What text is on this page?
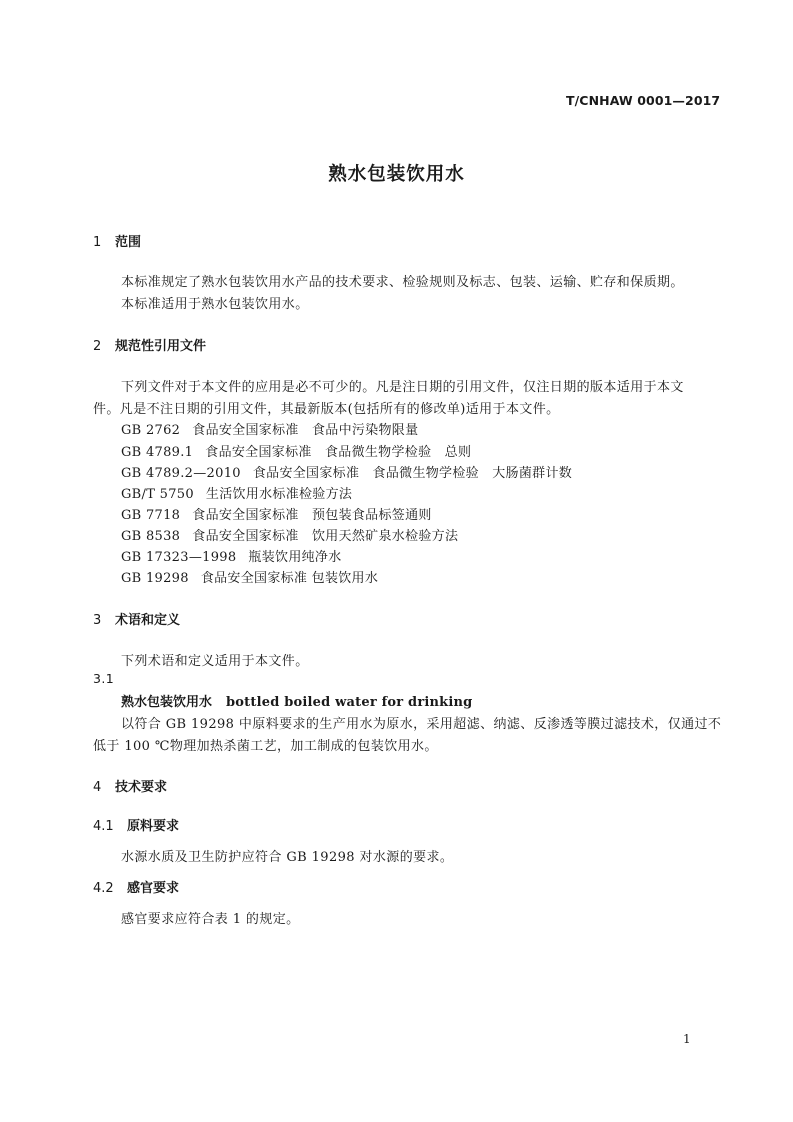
T/CNHAW 0001—2017
熟水包装饮用水
1 范围
本标准规定了熟水包装饮用水产品的技术要求、检验规则及标志、包装、运输、贮存和保质期。
本标准适用于熟水包装饮用水。
2 规范性引用文件
下列文件对于本文件的应用是必不可少的。凡是注日期的引用文件，仅注日期的版本适用于本文
件。凡是不注日期的引用文件，其最新版本(包括所有的修改单)适用于本文件。
GB 2762 食品安全国家标准　食品中污染物限量
GB 4789.1 食品安全国家标准　食品微生物学检验　总则
GB 4789.2—2010 食品安全国家标准　食品微生物学检验　大肠菌群计数
GB/T 5750 生活饮用水标准检验方法
GB 7718 食品安全国家标准　预包装食品标签通则
GB 8538 食品安全国家标准　饮用天然矿泉水检验方法
GB 17323—1998 瓶装饮用纯净水
GB 19298 食品安全国家标准 包装饮用水
3 术语和定义
下列术语和定义适用于本文件。
3.1
熟水包装饮用水 bottled boiled water for drinking
以符合 GB 19298 中原料要求的生产用水为原水，采用超滤、纳滤、反渗透等膜过滤技术，仅通过不
低于 100 ℃物理加热杀菌工艺，加工制成的包装饮用水。
4 技术要求
4.1 原料要求
水源水质及卫生防护应符合 GB 19298 对水源的要求。
4.2 感官要求
感官要求应符合表 1 的规定。
1
